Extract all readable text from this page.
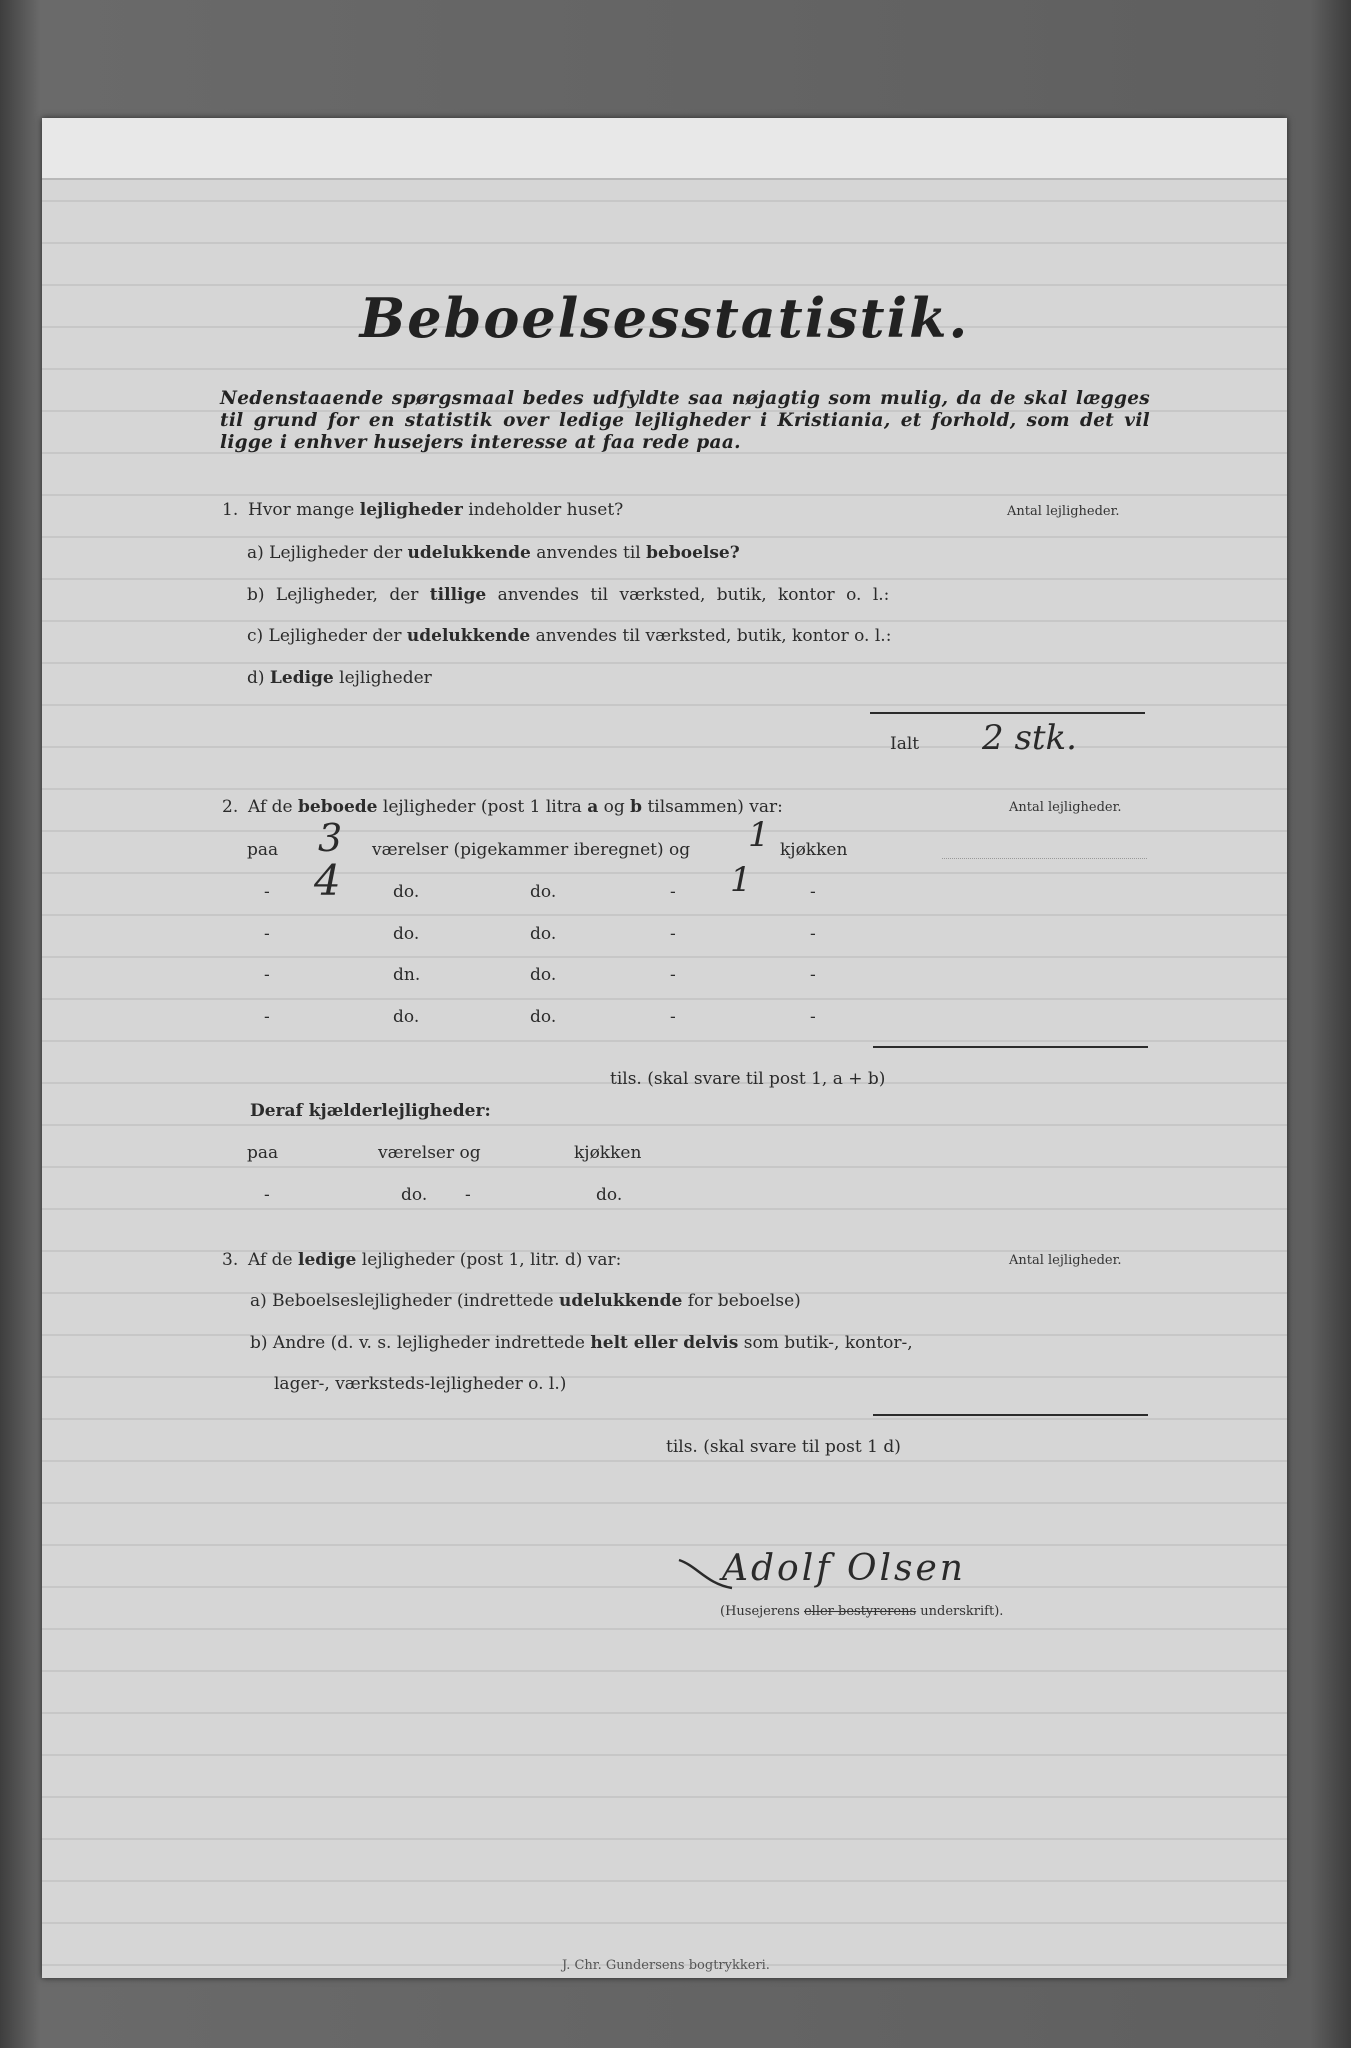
Beboelsesstatistik.
Nedenstaaende spørgsmaal bedes udfyldte saa nøjagtig som mulig, da de skal lægges til grund for en statistik over ledige lejligheder i Kristiania, et forhold, som det vil ligge i enhver husejers interesse at faa rede paa.
1. Hvor mange lejligheder indeholder huset?	Antal lejligheder.
a) Lejligheder der udelukkende anvendes til beboelse?
b) Lejligheder, der tillige anvendes til værksted, butik, kontor o. l.:
c) Lejligheder der udelukkende anvendes til værksted, butik, kontor o. l.:
d) Ledige lejligheder
Ialt 2 stk.
2. Af de beboede lejligheder (post 1 litra a og b tilsammen) var:	Antal lejligheder.
paa 3 værelser (pigekammer iberegnet) og 1 kjøkken
- 4	do.	do.	- 1	-
-	do.	do.	-	-
-	dn.	do.	-	-
-	do.	do.	-	-
tils. (skal svare til post 1, a + b)
Deraf kjælderlejligheder:
paa	værelser og	kjøkken
-	do. -	do.
3. Af de ledige lejligheder (post 1, litr. d) var:	Antal lejligheder.
a) Beboelseslejligheder (indrettede udelukkende for beboelse)
b) Andre (d. v. s. lejligheder indrettede helt eller delvis som butik-, kontor-,
lager-, værksteds-lejligheder o. l.)
tils. (skal svare til post 1 d)
Adolf Olsen
(Husejerens eller bestyrerens underskrift).
J. Chr. Gundersens bogtrykkeri.
